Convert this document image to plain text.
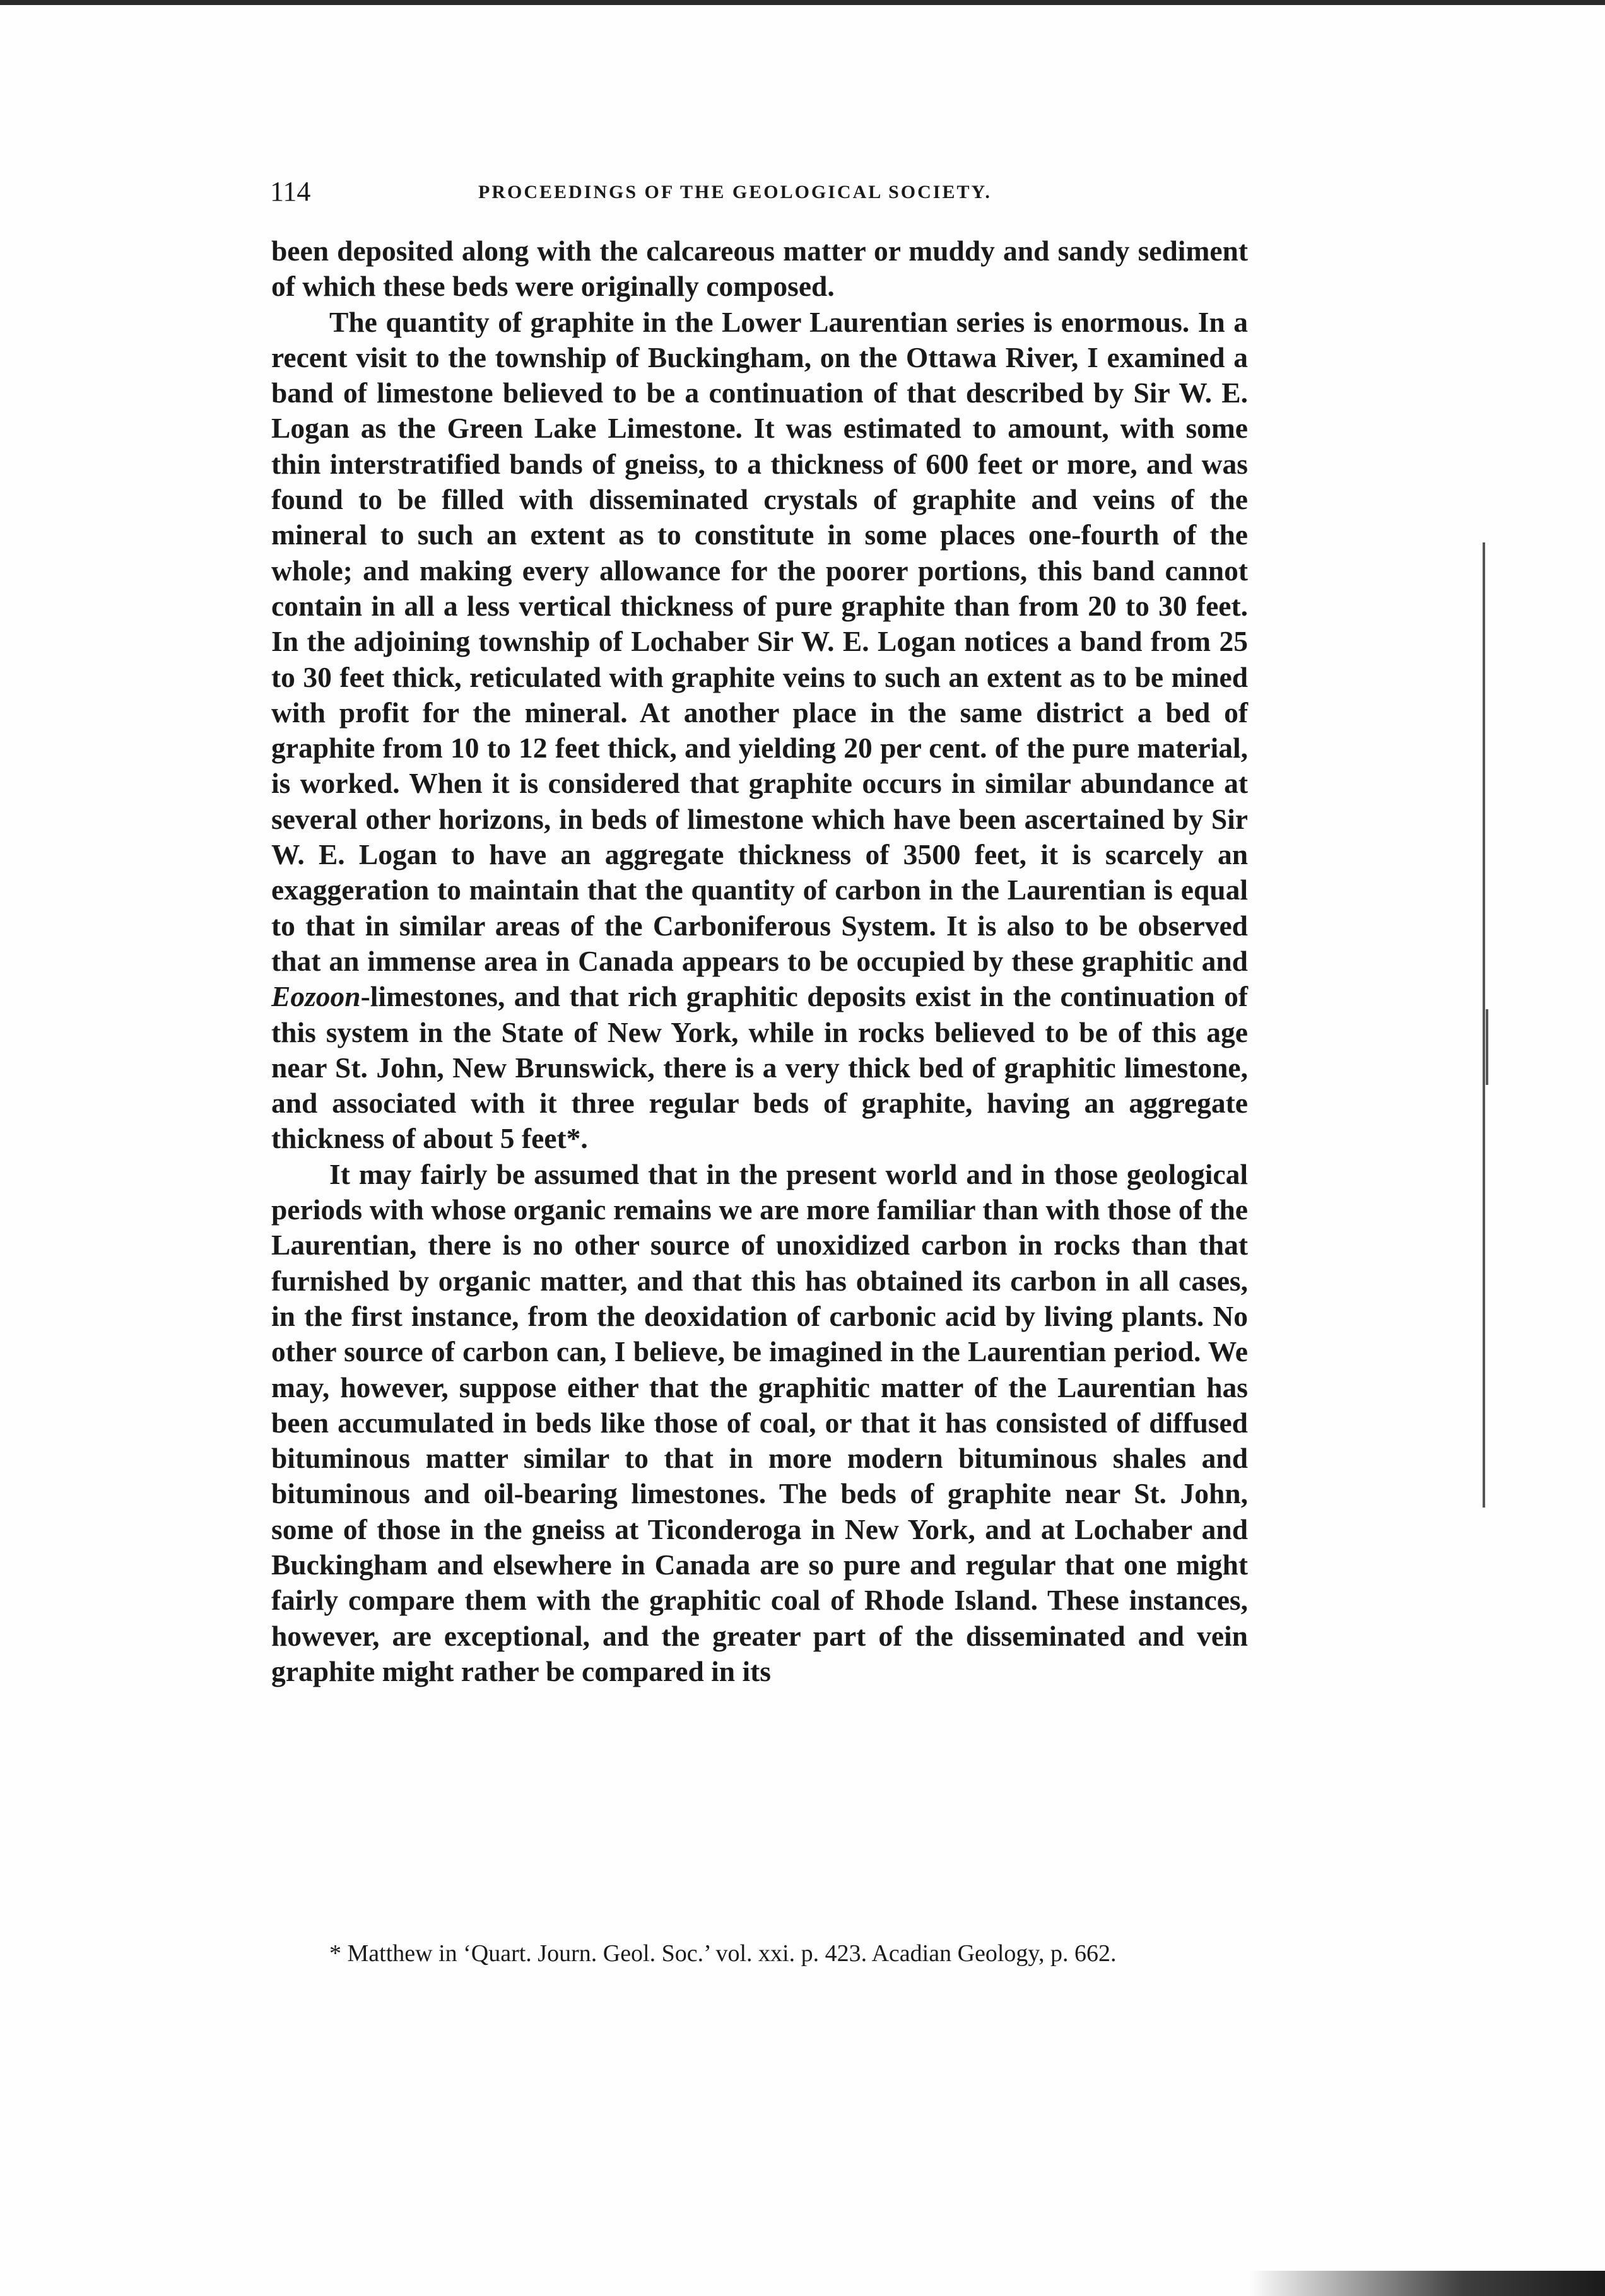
114	PROCEEDINGS OF THE GEOLOGICAL SOCIETY.

been deposited along with the calcareous matter or muddy and sandy sediment of which these beds were originally composed.

The quantity of graphite in the Lower Laurentian series is enormous. In a recent visit to the township of Buckingham, on the Ottawa River, I examined a band of limestone believed to be a continuation of that described by Sir W. E. Logan as the Green Lake Limestone. It was estimated to amount, with some thin interstratified bands of gneiss, to a thickness of 600 feet or more, and was found to be filled with disseminated crystals of graphite and veins of the mineral to such an extent as to constitute in some places one-fourth of the whole; and making every allowance for the poorer portions, this band cannot contain in all a less vertical thickness of pure graphite than from 20 to 30 feet. In the adjoining township of Lochaber Sir W. E. Logan notices a band from 25 to 30 feet thick, reticulated with graphite veins to such an extent as to be mined with profit for the mineral. At another place in the same district a bed of graphite from 10 to 12 feet thick, and yielding 20 per cent. of the pure material, is worked. When it is considered that graphite occurs in similar abundance at several other horizons, in beds of limestone which have been ascertained by Sir W. E. Logan to have an aggregate thickness of 3500 feet, it is scarcely an exaggeration to maintain that the quantity of carbon in the Laurentian is equal to that in similar areas of the Carboniferous System. It is also to be observed that an immense area in Canada appears to be occupied by these graphitic and Eozoon-limestones, and that rich graphitic deposits exist in the continuation of this system in the State of New York, while in rocks believed to be of this age near St. John, New Brunswick, there is a very thick bed of graphitic limestone, and associated with it three regular beds of graphite, having an aggregate thickness of about 5 feet*.

It may fairly be assumed that in the present world and in those geological periods with whose organic remains we are more familiar than with those of the Laurentian, there is no other source of unoxidized carbon in rocks than that furnished by organic matter, and that this has obtained its carbon in all cases, in the first instance, from the deoxidation of carbonic acid by living plants. No other source of carbon can, I believe, be imagined in the Laurentian period. We may, however, suppose either that the graphitic matter of the Laurentian has been accumulated in beds like those of coal, or that it has consisted of diffused bituminous matter similar to that in more modern bituminous shales and bituminous and oil-bearing limestones. The beds of graphite near St. John, some of those in the gneiss at Ticonderoga in New York, and at Lochaber and Buckingham and elsewhere in Canada are so pure and regular that one might fairly compare them with the graphitic coal of Rhode Island. These instances, however, are exceptional, and the greater part of the disseminated and vein graphite might rather be compared in its

* Matthew in ‘Quart. Journ. Geol. Soc.’ vol. xxi. p. 423. Acadian Geology, p. 662.
